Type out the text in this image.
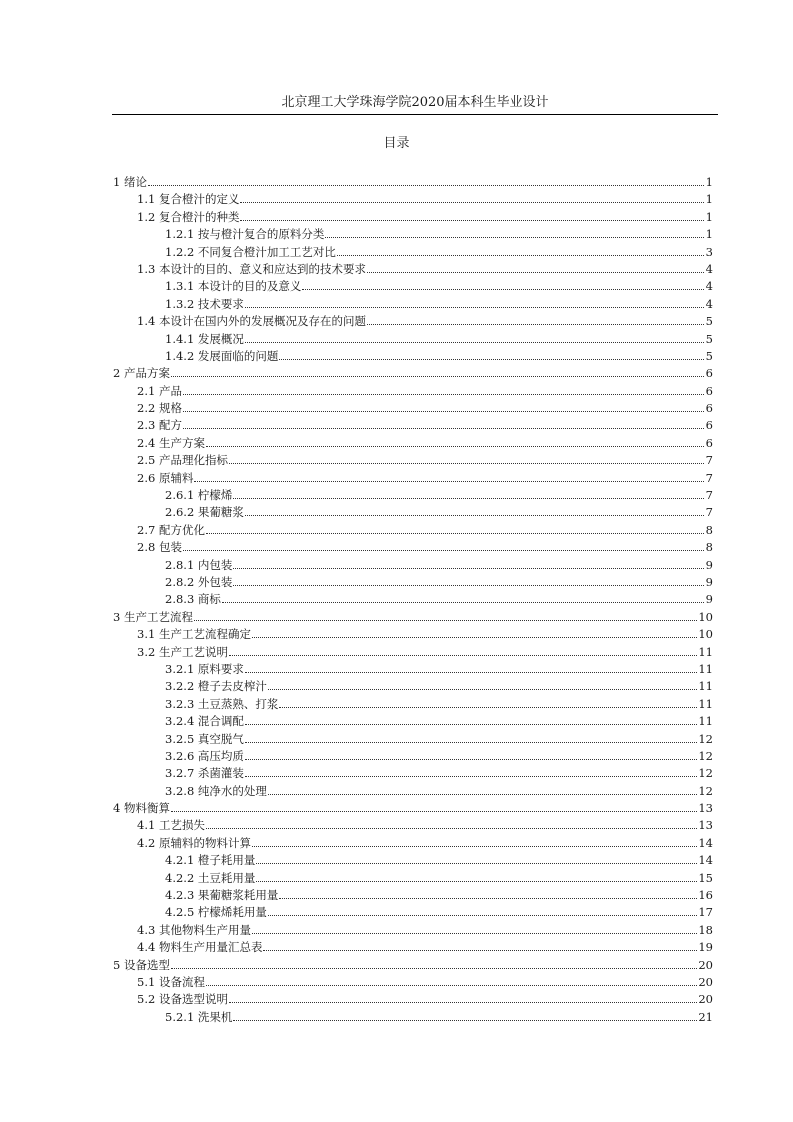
北京理工大学珠海学院2020届本科生毕业设计
目录
1 绪论	1
1.1 复合橙汁的定义	1
1.2 复合橙汁的种类	1
1.2.1 按与橙汁复合的原料分类	1
1.2.2 不同复合橙汁加工工艺对比	3
1.3 本设计的目的、意义和应达到的技术要求	4
1.3.1 本设计的目的及意义	4
1.3.2 技术要求	4
1.4 本设计在国内外的发展概况及存在的问题	5
1.4.1 发展概况	5
1.4.2 发展面临的问题	5
2 产品方案	6
2.1 产品	6
2.2 规格	6
2.3 配方	6
2.4 生产方案	6
2.5 产品理化指标	7
2.6 原辅料	7
2.6.1 柠檬烯	7
2.6.2 果葡糖浆	7
2.7 配方优化	8
2.8 包装	8
2.8.1 内包装	9
2.8.2 外包装	9
2.8.3 商标	9
3 生产工艺流程	10
3.1 生产工艺流程确定	10
3.2 生产工艺说明	11
3.2.1 原料要求	11
3.2.2 橙子去皮榨汁	11
3.2.3 土豆蒸熟、打浆	11
3.2.4 混合调配	11
3.2.5 真空脱气	12
3.2.6 高压均质	12
3.2.7 杀菌灌装	12
3.2.8 纯净水的处理	12
4 物料衡算	13
4.1 工艺损失	13
4.2 原辅料的物料计算	14
4.2.1 橙子耗用量	14
4.2.2 土豆耗用量	15
4.2.3 果葡糖浆耗用量	16
4.2.5 柠檬烯耗用量	17
4.3 其他物料生产用量	18
4.4 物料生产用量汇总表	19
5 设备选型	20
5.1 设备流程	20
5.2 设备选型说明	20
5.2.1 洗果机	21
